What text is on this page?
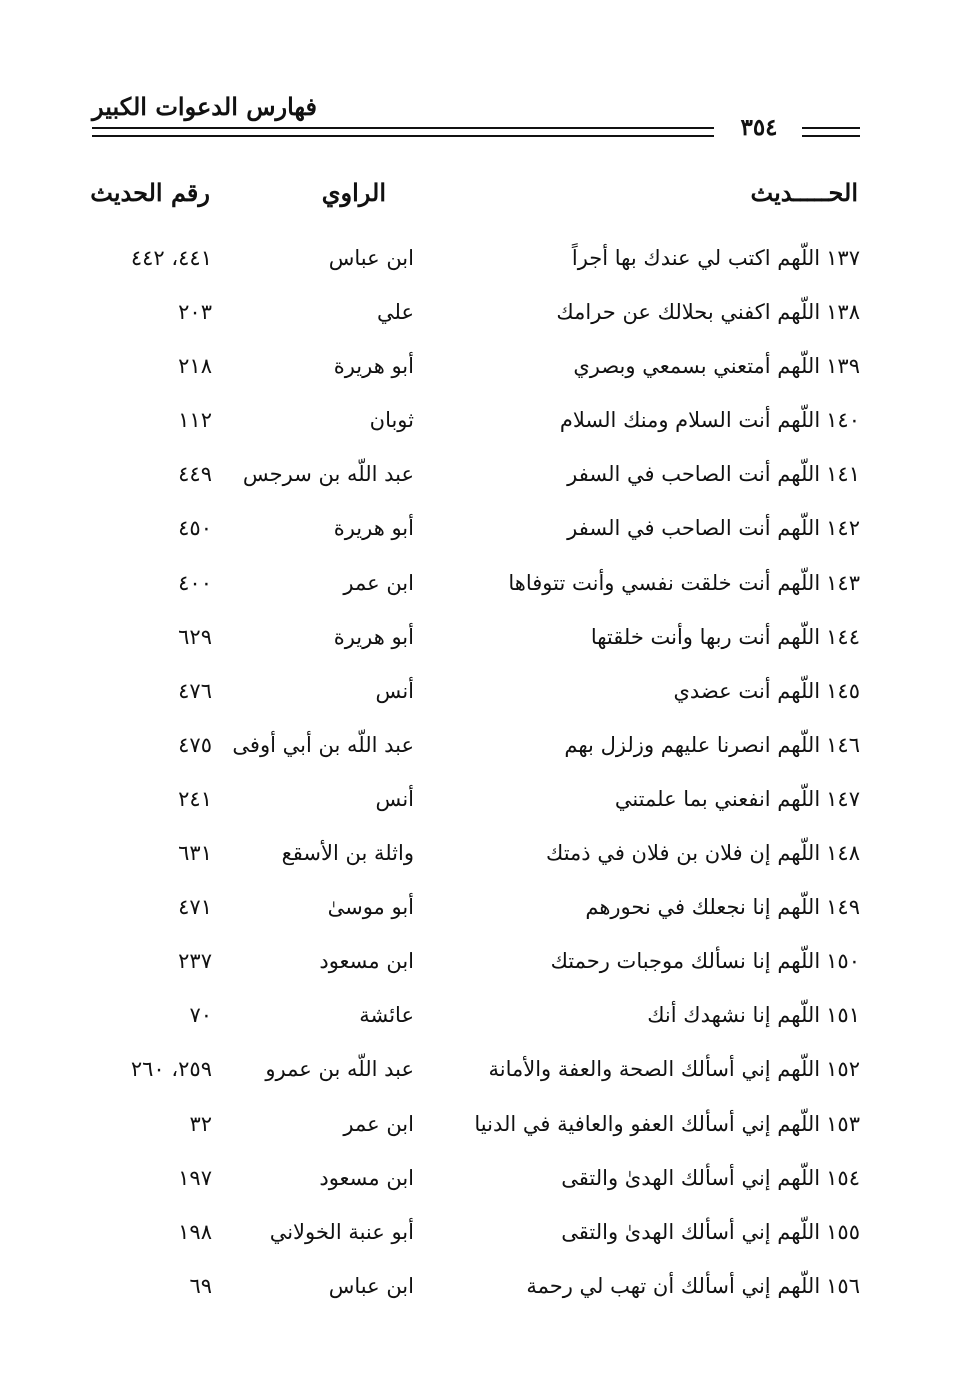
فهارس الدعوات الكبير
٣٥٤
الحـــــديث
الراوي
رقم الحديث
١٣٧اللّهم اكتب لي عندك بها أجراً
ابن عباس
٤٤١، ٤٤٢
١٣٨اللّهم اكفني بحلالك عن حرامك
علي
٢٠٣
١٣٩اللّهم أمتعني بسمعي وبصري
أبو هريرة
٢١٨
١٤٠اللّهم أنت السلام ومنك السلام
ثوبان
١١٢
١٤١اللّهم أنت الصاحب في السفر
عبد اللّه بن سرجس
٤٤٩
١٤٢اللّهم أنت الصاحب في السفر
أبو هريرة
٤٥٠
١٤٣اللّهم أنت خلقت نفسي وأنت تتوفاها
ابن عمر
٤٠٠
١٤٤اللّهم أنت ربها وأنت خلقتها
أبو هريرة
٦٢٩
١٤٥اللّهم أنت عضدي
أنس
٤٧٦
١٤٦اللّهم انصرنا عليهم وزلزل بهم
عبد اللّه بن أبي أوفى
٤٧٥
١٤٧اللّهم انفعني بما علمتني
أنس
٢٤١
١٤٨اللّهم إن فلان بن فلان في ذمتك
واثلة بن الأسقع
٦٣١
١٤٩اللّهم إنا نجعلك في نحورهم
أبو موسىٰ
٤٧١
١٥٠اللّهم إنا نسألك موجبات رحمتك
ابن مسعود
٢٣٧
١٥١اللّهم إنا نشهدك أنك
عائشة
٧٠
١٥٢اللّهم إني أسألك الصحة والعفة والأمانة
عبد اللّه بن عمرو
٢٥٩، ٢٦٠
١٥٣اللّهم إني أسألك العفو والعافية في الدنيا
ابن عمر
٣٢
١٥٤اللّهم إني أسألك الهدىٰ والتقى
ابن مسعود
١٩٧
١٥٥اللّهم إني أسألك الهدىٰ والتقى
أبو عنبة الخولاني
١٩٨
١٥٦اللّهم إني أسألك أن تهب لي رحمة
ابن عباس
٦٩
